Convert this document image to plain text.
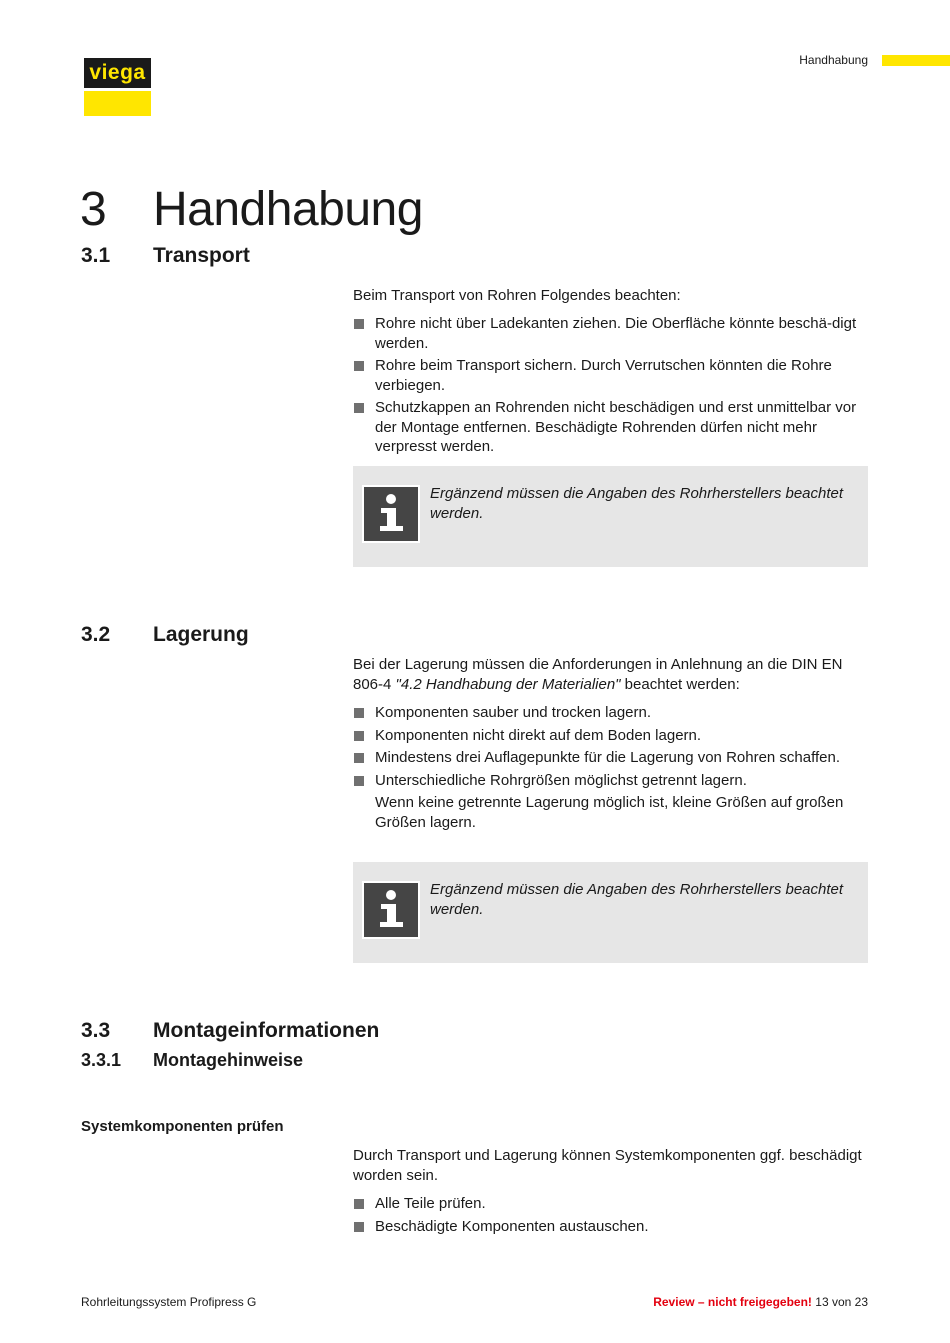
viega
Handhabung
3 Handhabung
3.1 Transport
Beim Transport von Rohren Folgendes beachten:
Rohre nicht über Ladekanten ziehen. Die Oberfläche könnte beschä-digt werden.
Rohre beim Transport sichern. Durch Verrutschen könnten die Rohre verbiegen.
Schutzkappen an Rohrenden nicht beschädigen und erst unmittelbar vor der Montage entfernen. Beschädigte Rohrenden dürfen nicht mehr verpresst werden.
Ergänzend müssen die Angaben des Rohrherstellers beachtet werden.
3.2 Lagerung
Bei der Lagerung müssen die Anforderungen in Anlehnung an die DIN EN 806-4 "4.2 Handhabung der Materialien" beachtet werden:
Komponenten sauber und trocken lagern.
Komponenten nicht direkt auf dem Boden lagern.
Mindestens drei Auflagepunkte für die Lagerung von Rohren schaffen.
Unterschiedliche Rohrgrößen möglichst getrennt lagern.
Wenn keine getrennte Lagerung möglich ist, kleine Größen auf großen Größen lagern.
Ergänzend müssen die Angaben des Rohrherstellers beachtet werden.
3.3 Montageinformationen
3.3.1 Montagehinweise
Systemkomponenten prüfen
Durch Transport und Lagerung können Systemkomponenten ggf. beschädigt worden sein.
Alle Teile prüfen.
Beschädigte Komponenten austauschen.
Rohrleitungssystem Profipress G	Review – nicht freigegeben! 13 von 23
